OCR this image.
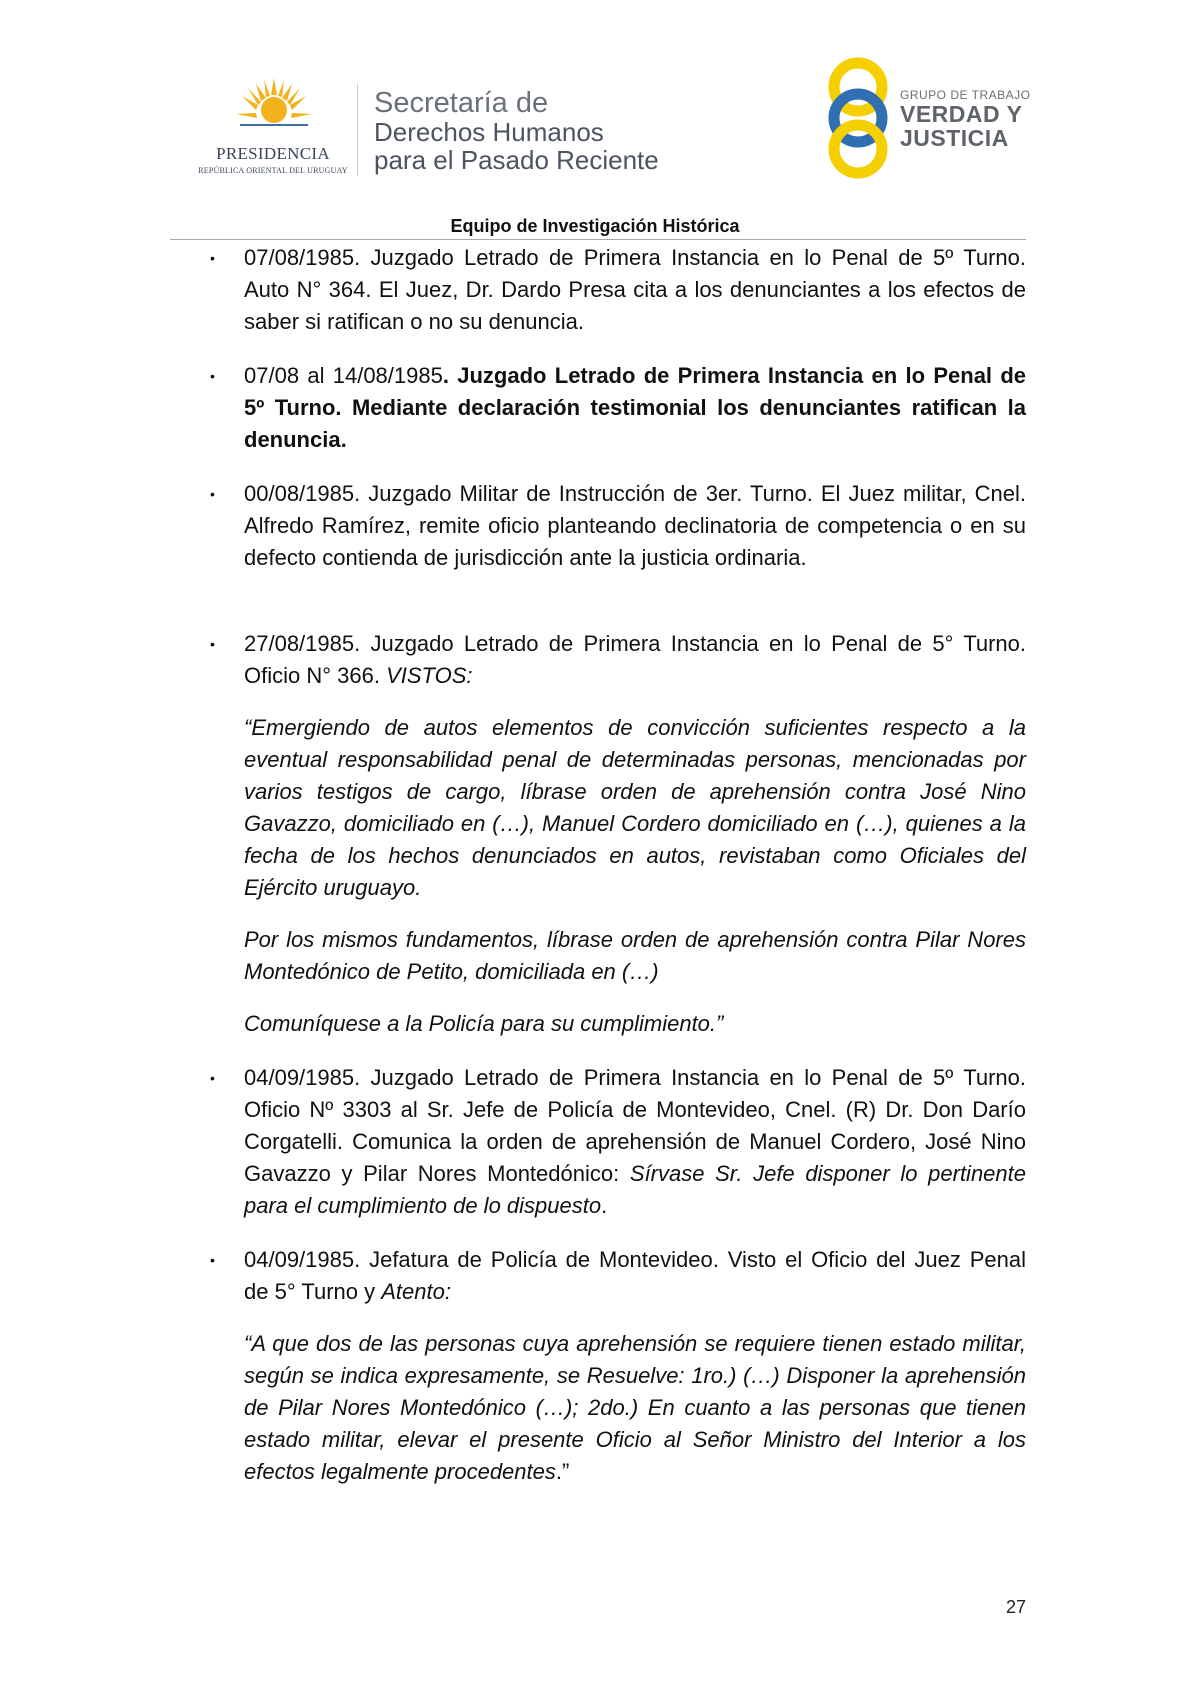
PRESIDENCIA
REPÚBLICA ORIENTAL DEL URUGUAY
Secretaría de
Derechos Humanos
para el Pasado Reciente
GRUPO DE TRABAJO
VERDAD Y
JUSTICIA
Equipo de Investigación Histórica
• 07/08/1985. Juzgado Letrado de Primera Instancia en lo Penal de 5º Turno. Auto N° 364. El Juez, Dr. Dardo Presa cita a los denunciantes a los efectos de saber si ratifican o no su denuncia.
• 07/08 al 14/08/1985. Juzgado Letrado de Primera Instancia en lo Penal de 5º Turno. Mediante declaración testimonial los denunciantes ratifican la denuncia.
• 00/08/1985. Juzgado Militar de Instrucción de 3er. Turno. El Juez militar, Cnel. Alfredo Ramírez, remite oficio planteando declinatoria de competencia o en su defecto contienda de jurisdicción ante la justicia ordinaria.
• 27/08/1985. Juzgado Letrado de Primera Instancia en lo Penal de 5° Turno. Oficio N° 366. VISTOS:
“Emergiendo de autos elementos de convicción suficientes respecto a la eventual responsabilidad penal de determinadas personas, mencionadas por varios testigos de cargo, líbrase orden de aprehensión contra José Nino Gavazzo, domiciliado en (…), Manuel Cordero domiciliado en (…), quienes a la fecha de los hechos denunciados en autos, revistaban como Oficiales del Ejército uruguayo.
Por los mismos fundamentos, líbrase orden de aprehensión contra Pilar Nores Montedónico de Petito, domiciliada en (…)
Comuníquese a la Policía para su cumplimiento.”
• 04/09/1985. Juzgado Letrado de Primera Instancia en lo Penal de 5º Turno. Oficio Nº 3303 al Sr. Jefe de Policía de Montevideo, Cnel. (R) Dr. Don Darío Corgatelli. Comunica la orden de aprehensión de Manuel Cordero, José Nino Gavazzo y Pilar Nores Montedónico: Sírvase Sr. Jefe disponer lo pertinente para el cumplimiento de lo dispuesto.
• 04/09/1985. Jefatura de Policía de Montevideo. Visto el Oficio del Juez Penal de 5° Turno y Atento:
“A que dos de las personas cuya aprehensión se requiere tienen estado militar, según se indica expresamente, se Resuelve: 1ro.) (…) Disponer la aprehensión de Pilar Nores Montedónico (…); 2do.) En cuanto a las personas que tienen estado militar, elevar el presente Oficio al Señor Ministro del Interior a los efectos legalmente procedentes.”
27
